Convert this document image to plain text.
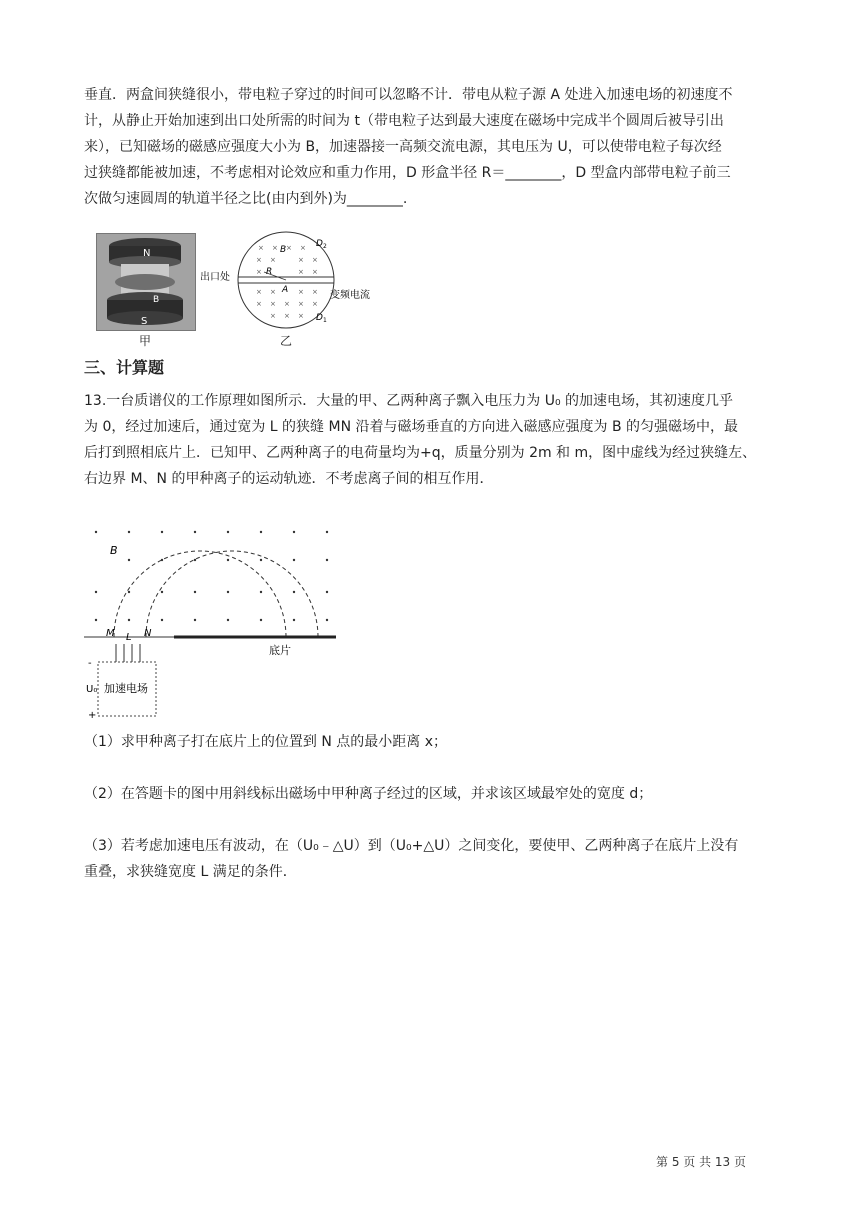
垂直．两盒间狭缝很小，带电粒子穿过的时间可以忽略不计．带电从粒子源 A 处进入加速电场的初速度不
计，从静止开始加速到出口处所需的时间为 t（带电粒子达到最大速度在磁场中完成半个圆周后被导引出
来），已知磁场的磁感应强度大小为 B，加速器接一高频交流电源，其电压为 U，可以使带电粒子每次经
过狭缝都能被加速，不考虑相对论效应和重力作用，D 形盒半径 R＝________，D 型盒内部带电粒子前三
次做匀速圆周的轨道半径之比(由内到外)为________.
N
S
B
甲
× × × ×
× ×	× ×
×	× ×
× ×	× ×
× × × × ×
× × ×
B
R
A
D 2
D 1
出口处
变频电流
乙
三、计算题
13.一台质谱仪的工作原理如图所示．大量的甲、乙两种离子飘入电压力为 U₀ 的加速电场，其初速度几乎
为 0，经过加速后，通过宽为 L 的狭缝 MN 沿着与磁场垂直的方向进入磁感应强度为 B 的匀强磁场中，最
后打到照相底片上．已知甲、乙两种离子的电荷量均为+q，质量分别为 2m 和 m，图中虚线为经过狭缝左、
右边界 M、N 的甲种离子的运动轨迹．不考虑离子间的相互作用．
M	N
L
B
底片
加速电场
U₀
-
+
（1）求甲种离子打在底片上的位置到 N 点的最小距离 x；
（2）在答题卡的图中用斜线标出磁场中甲种离子经过的区域，并求该区域最窄处的宽度 d；
（3）若考虑加速电压有波动，在（U₀﹣△U）到（U₀+△U）之间变化，要使甲、乙两种离子在底片上没有
重叠，求狭缝宽度 L 满足的条件．
第 5 页 共 13 页
